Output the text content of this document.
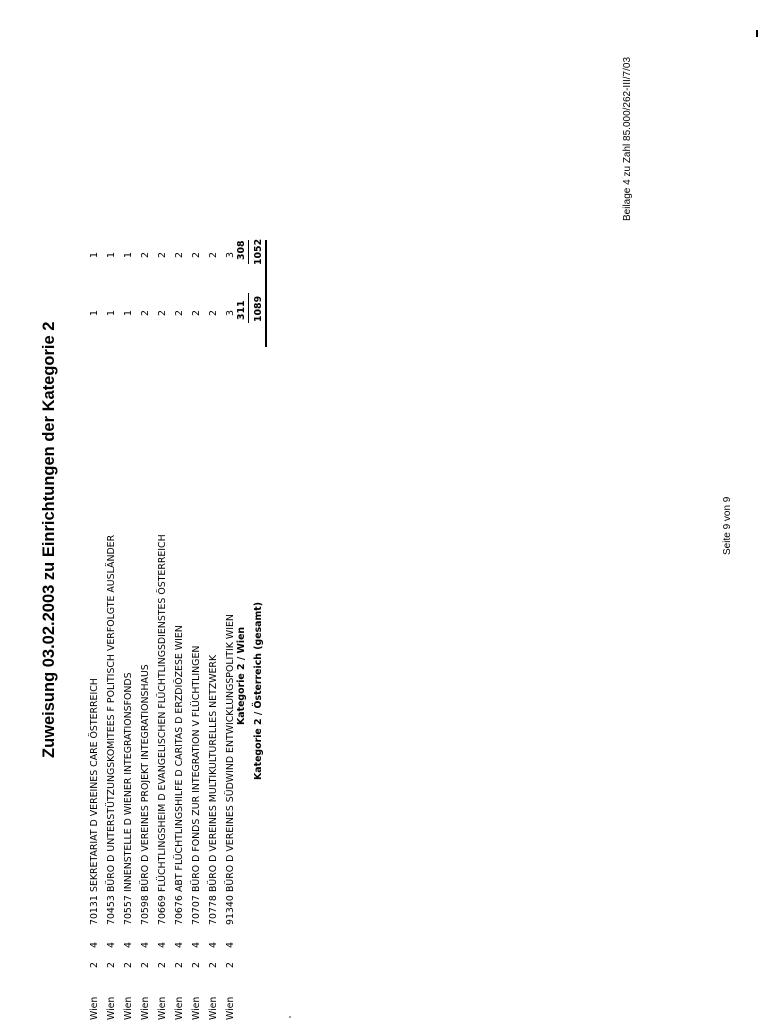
Zuweisung 03.02.2003 zu Einrichtungen der Kategorie 2
Beilage 4 zu Zahl 85.000/262-III/7/03
Wien
2
4
70131
SEKRETARIAT D VEREINES CARE ÖSTERREICH
1
1
Wien
2
4
70453
BÜRO D UNTERSTÜTZUNGSKOMITEES F POLITISCH VERFOLGTE AUSLÄNDER
1
1
Wien
2
4
70557
INNENSTELLE D WIENER INTEGRATIONSFONDS
1
1
Wien
2
4
70598
BÜRO D VEREINES PROJEKT INTEGRATIONSHAUS
2
2
Wien
2
4
70669
FLÜCHTLINGSHEIM D EVANGELISCHEN FLÜCHTLINGSDIENSTES ÖSTERREICH
2
2
Wien
2
4
70676
ABT FLÜCHTLINGSHILFE D CARITAS D ERZDIÖZESE WIEN
2
2
Wien
2
4
70707
BÜRO D FONDS ZUR INTEGRATION V FLÜCHTLINGEN
2
2
Wien
2
4
70778
BÜRO D VEREINES MULTIKULTURELLES NETZWERK
2
2
Wien
2
4
91340
BÜRO D VEREINES SÜDWIND ENTWICKLUNGSPOLITIK WIEN
3
3
Kategorie 2 / Wien
311
308
Kategorie 2 / Österreich (gesamt)
1089
1052
Seite 9 von 9
